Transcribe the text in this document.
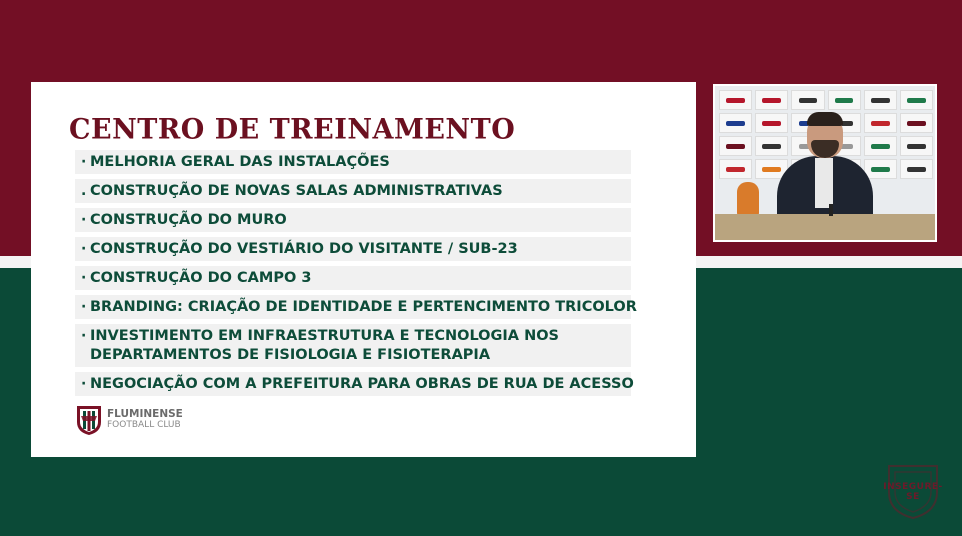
CENTRO DE TREINAMENTO
· MELHORIA GERAL DAS INSTALAÇÕES
. CONSTRUÇÃO DE NOVAS SALAS ADMINISTRATIVAS
· CONSTRUÇÃO DO MURO
· CONSTRUÇÃO DO VESTIÁRIO DO VISITANTE / SUB-23
· CONSTRUÇÃO DO CAMPO 3
· BRANDING: CRIAÇÃO DE IDENTIDADE E PERTENCIMENTO TRICOLOR
· INVESTIMENTO EM INFRAESTRUTURA E TECNOLOGIA NOS DEPARTAMENTOS DE FISIOLOGIA E FISIOTERAPIA
· NEGOCIAÇÃO COM A PREFEITURA PARA OBRAS DE RUA DE ACESSO
FLUMINENSE
FOOTBALL CLUB
INSEGURE-SE
